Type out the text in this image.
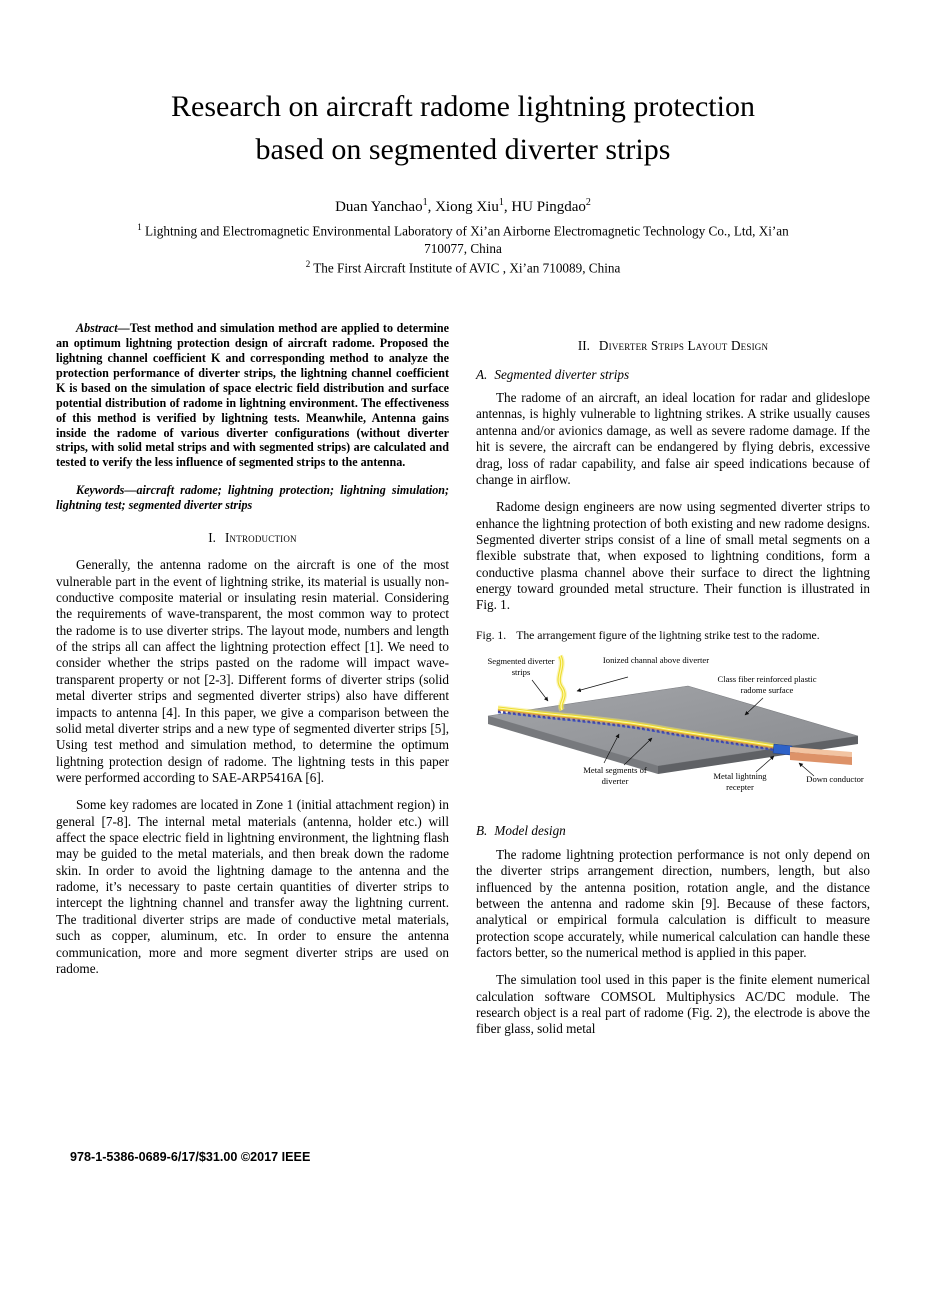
Research on aircraft radome lightning protection
based on segmented diverter strips
Duan Yanchao$^1$, Xiong Xiu$^1$, HU Pingdao$^2$
$^1$ Lightning and Electromagnetic Environmental Laboratory of Xi’an Airborne Electromagnetic Technology Co., Ltd, Xi’an
710077, China
$^2$ The First Aircraft Institute of AVIC , Xi’an 710089, China

Abstract—Test method and simulation method are applied to determine an optimum lightning protection design of aircraft radome. Proposed the lightning channel coefficient K and corresponding method to analyze the protection performance of diverter strips, the lightning channel coefficient K is based on the simulation of space electric field distribution and surface potential distribution of radome in lightning environment. The effectiveness of this method is verified by lightning tests. Meanwhile, Antenna gains inside the radome of various diverter configurations (without diverter strips, with solid metal strips and with segmented strips) are calculated and tested to verify the less influence of segmented strips to the antenna.

Keywords—aircraft radome; lightning protection; lightning simulation; lightning test; segmented diverter strips

I. Introduction

Generally, the antenna radome on the aircraft is one of the most vulnerable part in the event of lightning strike, its material is usually non-conductive composite material or insulating resin material. Considering the requirements of wave-transparent, the most common way to protect the radome is to use diverter strips. The layout mode, numbers and length of the strips all can affect the lightning protection effect [1]. We need to consider whether the strips pasted on the radome will impact wave-transparent property or not [2-3]. Different forms of diverter strips (solid metal diverter strips and segmented diverter strips) also have different impacts to antenna [4]. In this paper, we give a comparison between the solid metal diverter strips and a new type of segmented diverter strips [5], Using test method and simulation method, to determine the optimum lightning protection design of radome. The lightning tests in this paper were performed according to SAE-ARP5416A [6].

Some key radomes are located in Zone 1 (initial attachment region) in general [7-8]. The internal metal materials (antenna, holder etc.) will affect the space electric field in lightning environment, the lightning flash may be guided to the metal materials, and then break down the radome skin. In order to avoid the lightning damage to the antenna and the radome, it’s necessary to paste certain quantities of diverter strips to intercept the lightning channel and transfer away the lightning current. The traditional diverter strips are made of conductive metal materials, such as copper, aluminum, etc. In order to ensure the antenna communication, more and more segment diverter strips are used on radome.

II. Diverter Strips Layout Design
A. Segmented diverter strips

The radome of an aircraft, an ideal location for radar and glideslope antennas, is highly vulnerable to lightning strikes. A strike usually causes antenna and/or avionics damage, as well as severe radome damage. If the hit is severe, the aircraft can be endangered by flying debris, excessive drag, loss of radar capability, and false air speed indications because of change in airflow.

Radome design engineers are now using segmented diverter strips to enhance the lightning protection of both existing and new radome designs. Segmented diverter strips consist of a line of small metal segments on a flexible substrate that, when exposed to lightning conditions, form a conductive plasma channel above their surface to direct the lightning energy toward grounded metal structure. Their function is illustrated in Fig. 1.

Fig. 1. The arrangement figure of the lightning strike test to the radome.
Segmented diverter strips
Ionized channal above diverter
Class fiber reinforced plastic radome surface
Metal segments of diverter	Metal lightning recepter
Down conductor
B. Model design

The radome lightning protection performance is not only depend on the diverter strips arrangement direction, numbers, length, but also influenced by the antenna position, rotation angle, and the distance between the antenna and radome skin [9]. Because of these factors, analytical or empirical formula calculation is difficult to measure protection scope accurately, while numerical calculation can handle these factors better, so the numerical method is applied in this paper.

The simulation tool used in this paper is the finite element numerical calculation software COMSOL Multiphysics AC/DC module. The research object is a real part of radome (Fig. 2), the electrode is above the fiber glass, solid metal

978-1-5386-0689-6/17/$31.00 ©2017 IEEE
